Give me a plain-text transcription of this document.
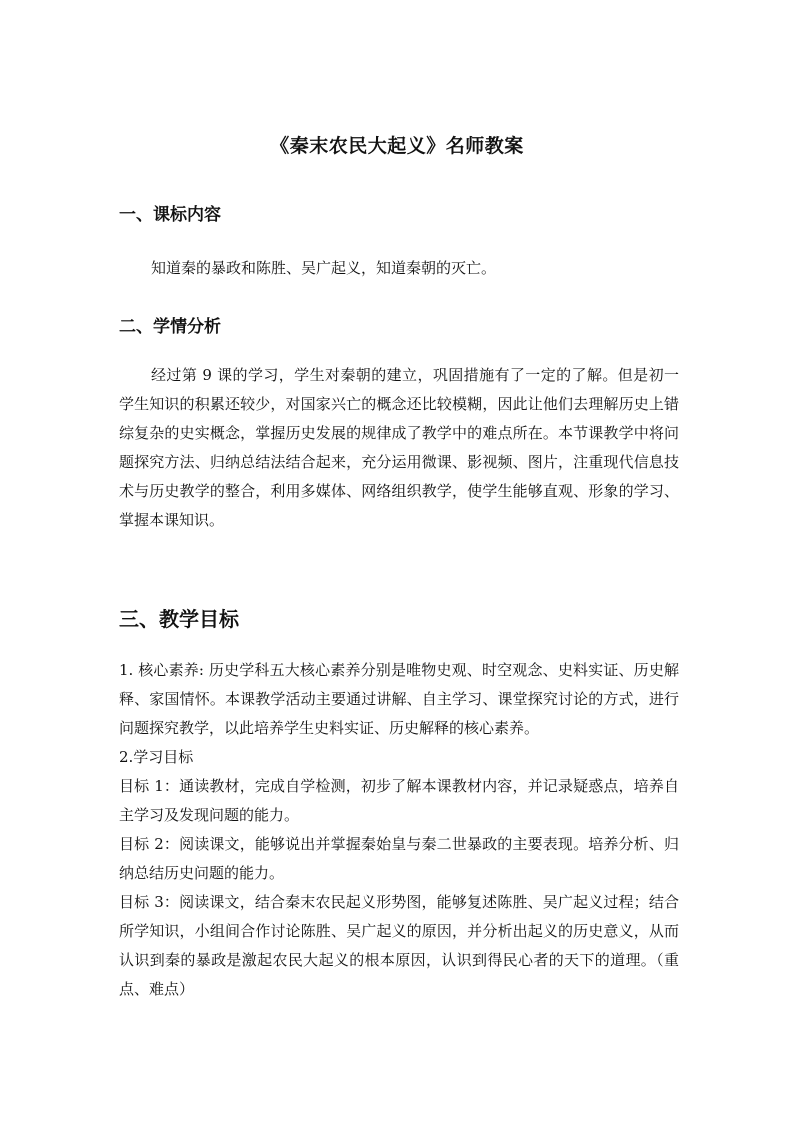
《秦末农民大起义》名师教案
一、课标内容
知道秦的暴政和陈胜、吴广起义，知道秦朝的灭亡。
二、学情分析
经过第 9 课的学习，学生对秦朝的建立，巩固措施有了一定的了解。但是初一学生知识的积累还较少，对国家兴亡的概念还比较模糊，因此让他们去理解历史上错综复杂的史实概念，掌握历史发展的规律成了教学中的难点所在。本节课教学中将问题探究方法、归纳总结法结合起来，充分运用微课、影视频、图片，注重现代信息技术与历史教学的整合，利用多媒体、网络组织教学，使学生能够直观、形象的学习、掌握本课知识。
三、教学目标

1. 核心素养: 历史学科五大核心素养分别是唯物史观、时空观念、史料实证、历史解释、家国情怀。本课教学活动主要通过讲解、自主学习、课堂探究讨论的方式，进行问题探究教学，以此培养学生史料实证、历史解释的核心素养。

2.学习目标

目标 1：通读教材，完成自学检测，初步了解本课教材内容，并记录疑惑点，培养自主学习及发现问题的能力。

目标 2：阅读课文，能够说出并掌握秦始皇与秦二世暴政的主要表现。培养分析、归纳总结历史问题的能力。

目标 3：阅读课文，结合秦末农民起义形势图，能够复述陈胜、吴广起义过程；结合所学知识，小组间合作讨论陈胜、吴广起义的原因，并分析出起义的历史意义，从而认识到秦的暴政是激起农民大起义的根本原因，认识到得民心者的天下的道理。（重点、难点）
